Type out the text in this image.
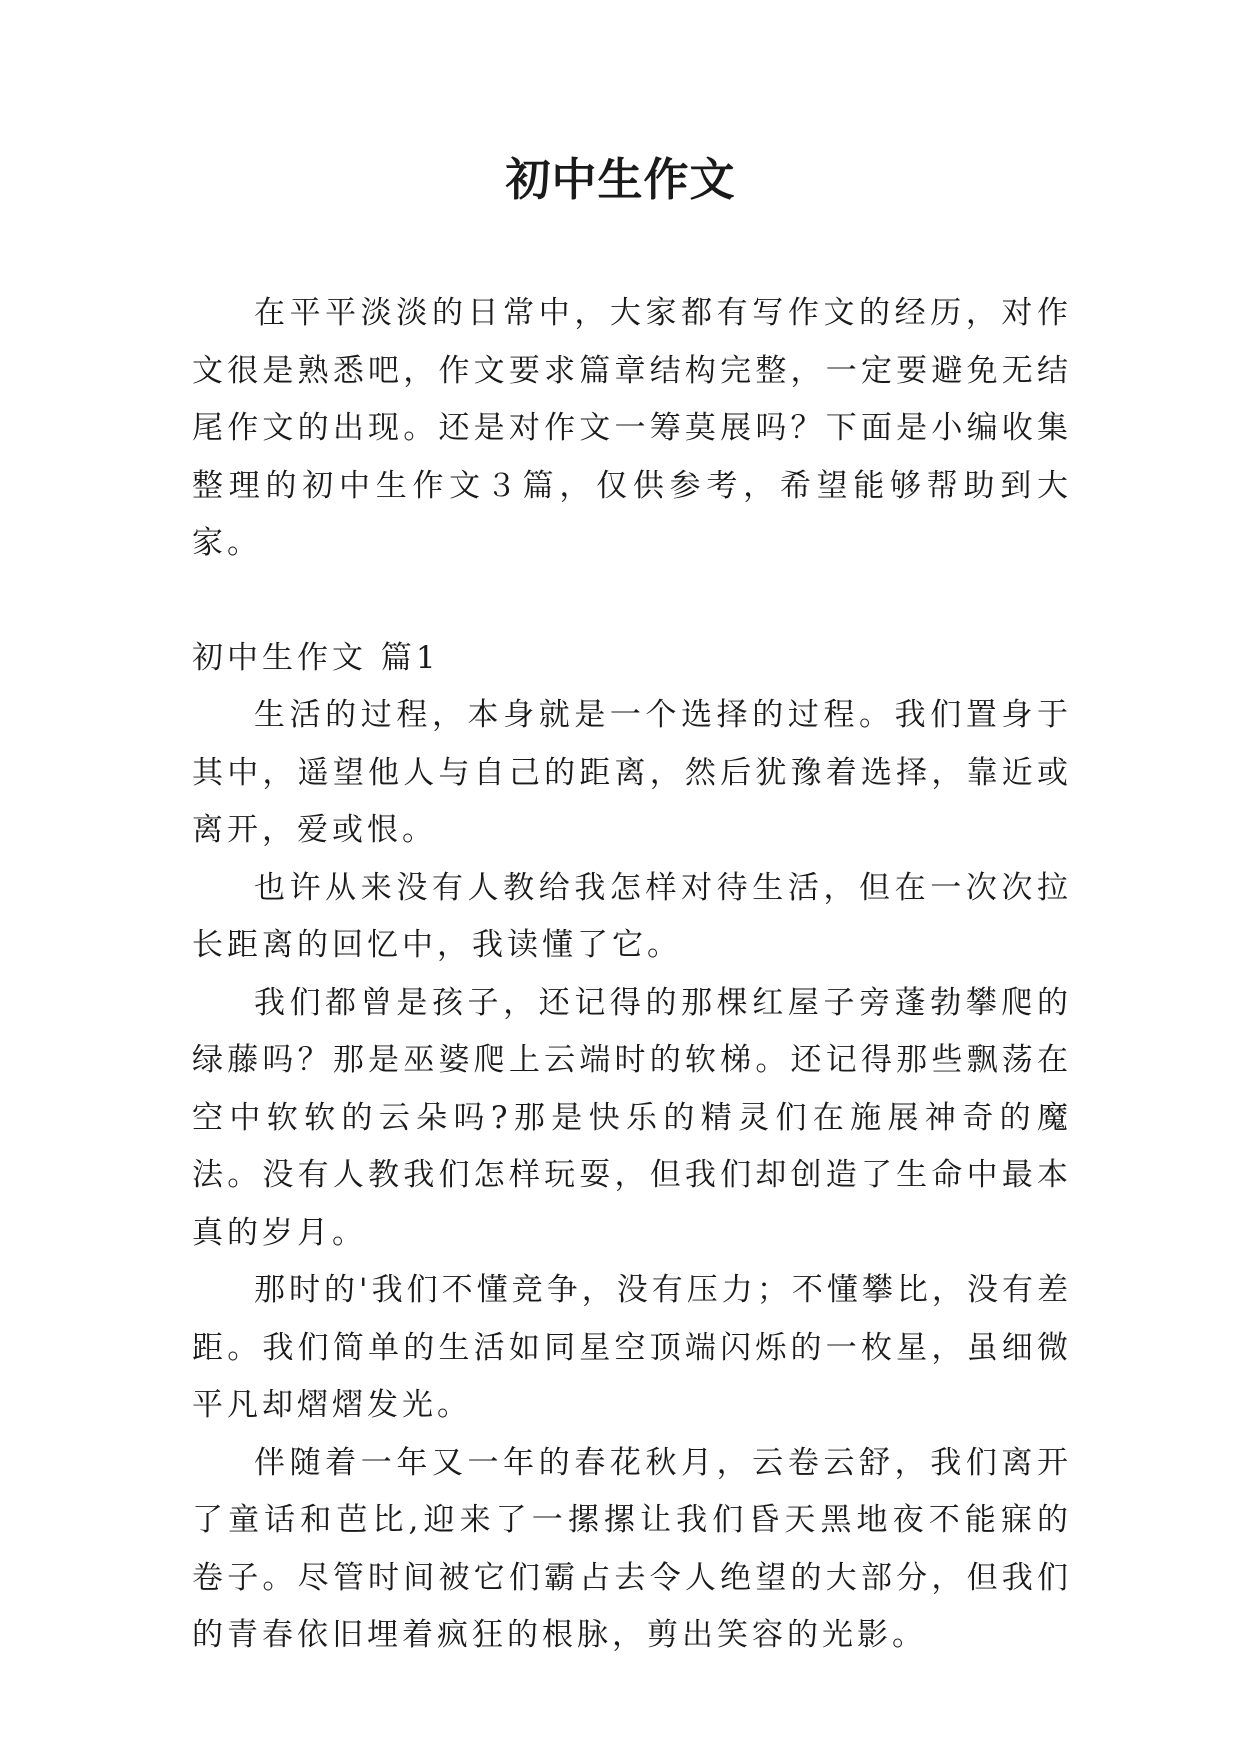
初中生作文

在平平淡淡的日常中，大家都有写作文的经历，对作文很是熟悉吧，作文要求篇章结构完整，一定要避免无结尾作文的出现。还是对作文一筹莫展吗？下面是小编收集整理的初中生作文３篇，仅供参考，希望能够帮助到大家。

初中生作文 篇1

生活的过程，本身就是一个选择的过程。我们置身于其中，遥望他人与自己的距离，然后犹豫着选择，靠近或离开，爱或恨。

也许从来没有人教给我怎样对待生活，但在一次次拉长距离的回忆中，我读懂了它。

我们都曾是孩子，还记得的那棵红屋子旁蓬勃攀爬的绿藤吗？那是巫婆爬上云端时的软梯。还记得那些飘荡在空中软软的云朵吗?那是快乐的精灵们在施展神奇的魔法。没有人教我们怎样玩耍，但我们却创造了生命中最本真的岁月。

那时的'我们不懂竞争，没有压力；不懂攀比，没有差距。我们简单的生活如同星空顶端闪烁的一枚星，虽细微平凡却熠熠发光。

伴随着一年又一年的春花秋月，云卷云舒，我们离开了童话和芭比,迎来了一摞摞让我们昏天黑地夜不能寐的卷子。尽管时间被它们霸占去令人绝望的大部分，但我们的青春依旧埋着疯狂的根脉，剪出笑容的光影。
